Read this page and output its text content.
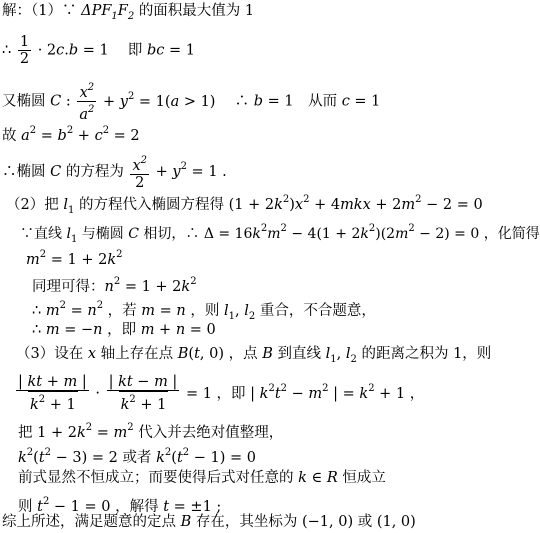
解：（1）∵ $\Delta PF_1F_2$ 的面积最大值为 1
∴ $\frac{1}{2} \cdot 2c.b = 1$ 　即 bc = 1
又椭圆 C : $\frac{x^2}{a^2} + y^2 = 1(a > 1)$ 　∴ b = 1　从而 c = 1
故 $a^2 = b^2 + c^2 = 2$
∴椭圆 C 的方程为 $\frac{x^2}{2} + y^2 = 1$ .
（2）把 $l_1$ 的方程代入椭圆方程得 $(1 + 2k^2)x^2 + 4mkx + 2m^2 - 2 = 0$
∵直线 $l_1$ 与椭圆 C 相切，∴ $\Delta = 16k^2m^2 - 4(1 + 2k^2)(2m^2 - 2) = 0$ ，化简得
$m^2 = 1 + 2k^2$
同理可得：$n^2 = 1 + 2k^2$
∴ $m^2 = n^2$ ，若 m = n ，则 $l_1$, $l_2$ 重合，不合题意，
∴ m = −n ，即 m + n = 0
（3）设在 x 轴上存在点 B(t, 0) ，点 B 到直线 $l_1$, $l_2$ 的距离之积为 1，则
$\frac{| kt + m |}{k^2 + 1} \cdot \frac{| kt - m |}{k^2 + 1} = 1$ ，即 | $k^2t^2 - m^2$ | = $k^2 + 1$ ，
把 $1 + 2k^2 = m^2$ 代入并去绝对值整理，
$k^2(t^2 - 3) = 2$ 或者 $k^2(t^2 - 1) = 0$
前式显然不恒成立；而要使得后式对任意的 k ∈ R 恒成立
则 $t^2 - 1 = 0$ ，解得 t = ±1 ;
综上所述，满足题意的定点 B 存在，其坐标为 (−1, 0) 或 (1, 0)
